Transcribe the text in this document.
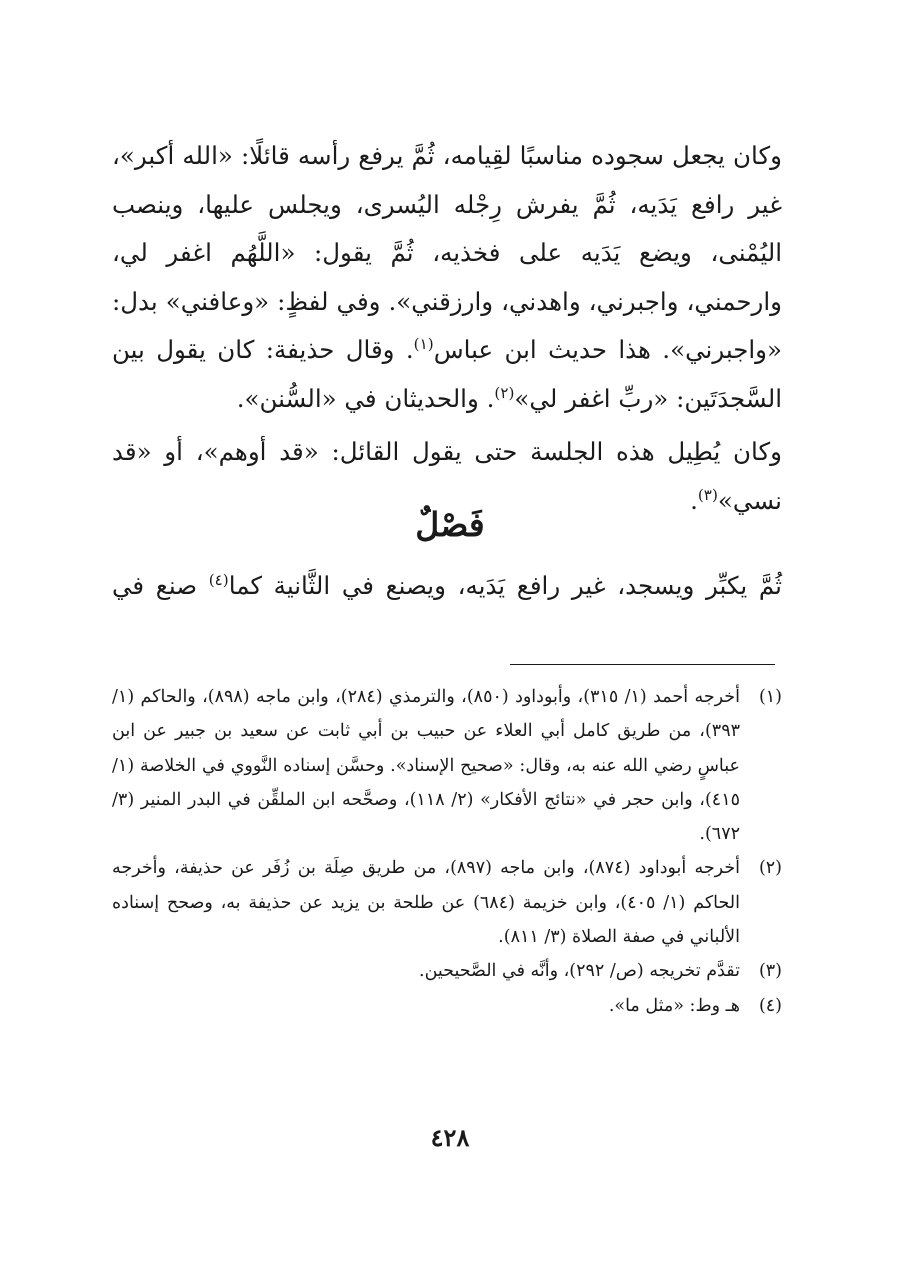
وكان يجعل سجوده مناسبًا لقِيامه، ثُمَّ يرفع رأسه قائلًا: «الله أكبر»، غير رافع يَدَيه، ثُمَّ يفرش رِجْله اليُسرى، ويجلس عليها، وينصب اليُمْنى، ويضع يَدَيه على فخذيه، ثُمَّ يقول: «اللَّهُم اغفر لي، وارحمني، واجبرني، واهدني، وارزقني». وفي لفظٍ: «وعافني» بدل: «واجبرني». هذا حديث ابن عباس$^{(١)}$. وقال حذيفة: كان يقول بين السَّجدَتَين: «ربِّ اغفر لي»$^{(٢)}$. والحديثان في «السُّنن».

وكان يُطِيل هذه الجلسة حتى يقول القائل: «قد أوهم»، أو «قد نسي»$^{(٣)}$.

فَصْلٌ
ثُمَّ يكبِّر ويسجد، غير رافع يَدَيه، ويصنع في الثَّانية كما$^{(٤)}$ صنع في
(١)
أخرجه أحمد (١/ ٣١٥)، وأبوداود (٨٥٠)، والترمذي (٢٨٤)، وابن ماجه (٨٩٨)، والحاكم (١/ ٣٩٣)، من طريق كامل أبي العلاء عن حبيب بن أبي ثابت عن سعيد بن جبير عن ابن عباسٍ رضي الله عنه به، وقال: «صحيح الإسناد». وحسَّن إسناده النَّووي في الخلاصة (١/ ٤١٥)، وابن حجر في «نتائج الأفكار» (٢/ ١١٨)، وصحَّحه ابن الملقِّن في البدر المنير (٣/ ٦٧٢).
(٢)
أخرجه أبوداود (٨٧٤)، وابن ماجه (٨٩٧)، من طريق صِلَة بن زُفَر عن حذيفة، وأخرجه الحاكم (١/ ٤٠٥)، وابن خزيمة (٦٨٤) عن طلحة بن يزيد عن حذيفة به، وصحح إسناده الألباني في صفة الصلاة (٣/ ٨١١).
(٣)
تقدَّم تخريجه (ص/ ٢٩٢)، وأنَّه في الصَّحيحين.
(٤)
هـ وط: «مثل ما».
٤٢٨
